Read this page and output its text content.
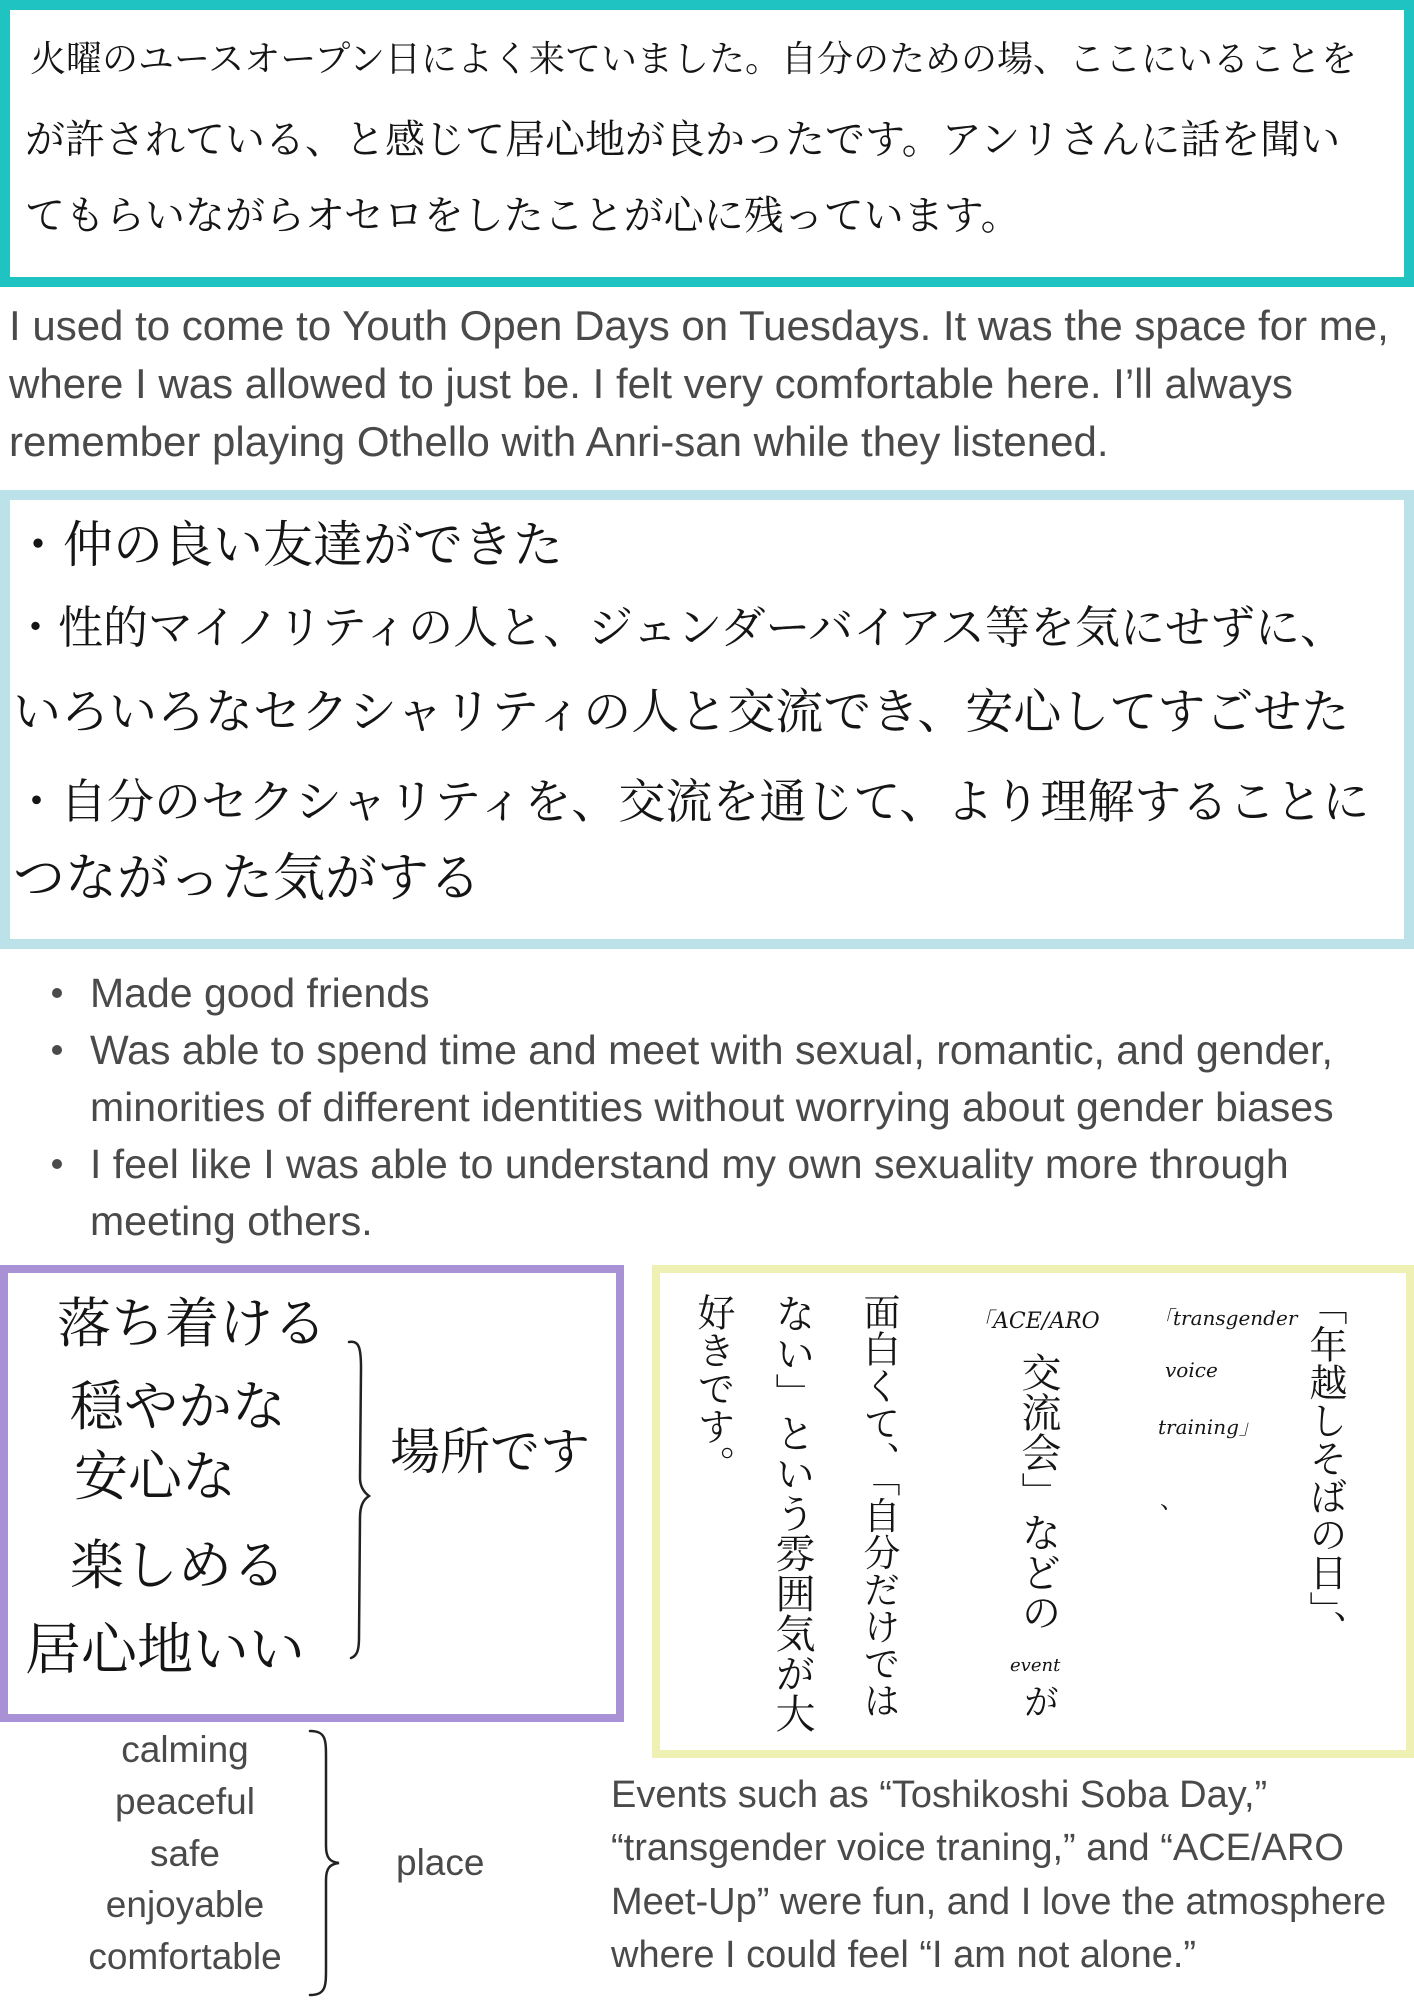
火曜のユースオープン日によく来ていました。自分のための場、ここにいることを
が許されている、と感じて居心地が良かったです。アンリさんに話を聞い
てもらいながらオセロをしたことが心に残っています。

I used to come to Youth Open Days on Tuesdays. It was the space for me, where I was allowed to just be. I felt very comfortable here. I’ll always remember playing Othello with Anri-san while they listened.

・仲の良い友達ができた
・性的マイノリティの人と、ジェンダーバイアス等を気にせずに、
いろいろなセクシャリティの人と交流でき、安心してすごせた
・自分のセクシャリティを、交流を通じて、より理解することに
つながった気がする
Made good friends
Was able to spend time and meet with sexual, romantic, and gender, minorities of different identities without worrying about gender biases
I feel like I was able to understand my own sexuality more through meeting others.
落ち着ける
穏やかな
安心な
楽しめる
居心地いい
場所です	「年越しそばの日」、
「transgender
voice
training」
、
「ACE/ARO
交流会」などの
event
が
面白くて、「自分だけでは
ない」という雰囲気が大
好きです。
calming
peaceful
safe
enjoyable
comfortable
place

Events such as “Toshikoshi Soba Day,” “transgender voice traning,” and “ACE/ARO Meet-Up” were fun, and I love the atmosphere where I could feel “I am not alone.”
